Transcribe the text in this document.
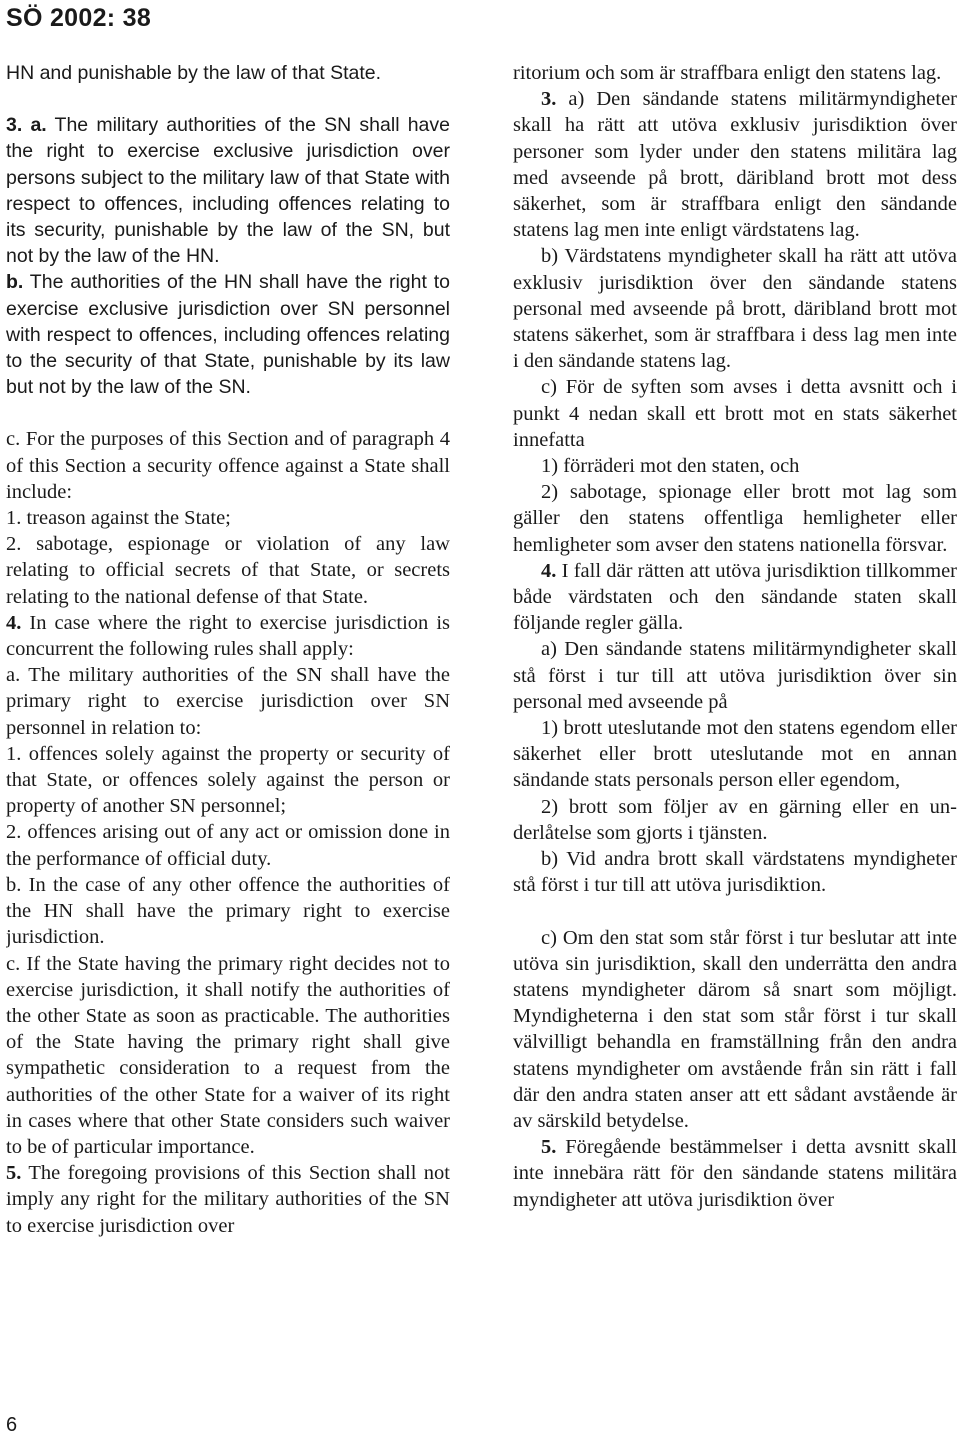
SÖ 2002: 38

HN and punishable by the law of that State.

3. a. The military authorities of the SN shall have the right to exercise exclusive jurisdiction over persons subject to the military law of that State with respect to offences, including offences relating to its security, punishable by the law of the SN, but not by the law of the HN.

b. The authorities of the HN shall have the right to exercise exclusive jurisdiction over SN personnel with respect to offences, including offences relating to the security of that State, punishable by its law but not by the law of the SN.

c. For the purposes of this Section and of paragraph 4 of this Section a security offence against a State shall include:

1. treason against the State;

2. sabotage, espionage or violation of any law relating to official secrets of that State, or secrets relating to the national defense of that State.

4. In case where the right to exercise jurisdiction is concurrent the following rules shall apply:

a. The military authorities of the SN shall have the primary right to exercise jurisdiction over SN personnel in relation to:

1. offences solely against the property or security of that State, or offences solely against the person or property of another SN personnel;

2. offences arising out of any act or omission done in the performance of official duty.

b. In the case of any other offence the authorities of the HN shall have the primary right to exercise jurisdiction.

c. If the State having the primary right decides not to exercise jurisdiction, it shall notify the authorities of the other State as soon as practicable. The authorities of the State having the primary right shall give sympathetic consideration to a request from the authorities of the other State for a waiver of its right in cases where that other State considers such waiver to be of particular importance.

5. The foregoing provisions of this Section shall not imply any right for the military authorities of the SN to exercise jurisdiction over

ritorium och som är straffbara enligt den statens lag.

3. a) Den sändande statens militärmyndigheter skall ha rätt att utöva exklusiv jurisdiktion över personer som lyder under den statens militära lag med avseende på brott, däribland brott mot dess säkerhet, som är straffbara enligt den sändande statens lag men inte enligt värdstatens lag.

b) Värdstatens myndigheter skall ha rätt att utöva exklusiv jurisdiktion över den sändande statens personal med avseende på brott, däribland brott mot statens säkerhet, som är straffbara i dess lag men inte i den sändande statens lag.

c) För de syften som avses i detta avsnitt och i punkt 4 nedan skall ett brott mot en stats säkerhet innefatta

1) förräderi mot den staten, och

2) sabotage, spionage eller brott mot lag som gäller den statens offentliga hemligheter eller hemligheter som avser den statens nationella försvar.

4. I fall där rätten att utöva jurisdiktion tillkommer både värdstaten och den sändande staten skall följande regler gälla.

a) Den sändande statens militärmyndigheter skall stå först i tur till att utöva jurisdiktion över sin personal med avseende på

1) brott uteslutande mot den statens egendom eller säkerhet eller brott uteslutande mot en annan sändande stats personals person eller egendom,

2) brott som följer av en gärning eller en underlåtelse som gjorts i tjänsten.

b) Vid andra brott skall värdstatens myndigheter stå först i tur till att utöva jurisdiktion.

c) Om den stat som står först i tur beslutar att inte utöva sin jurisdiktion, skall den underrätta den andra statens myndigheter därom så snart som möjligt. Myndigheterna i den stat som står först i tur skall välvilligt behandla en framställning från den andra statens myndigheter om avstående från sin rätt i fall där den andra staten anser att ett sådant avstående är av särskild betydelse.

5. Föregående bestämmelser i detta avsnitt skall inte innebära rätt för den sändande statens militära myndigheter att utöva jurisdiktion över

6
